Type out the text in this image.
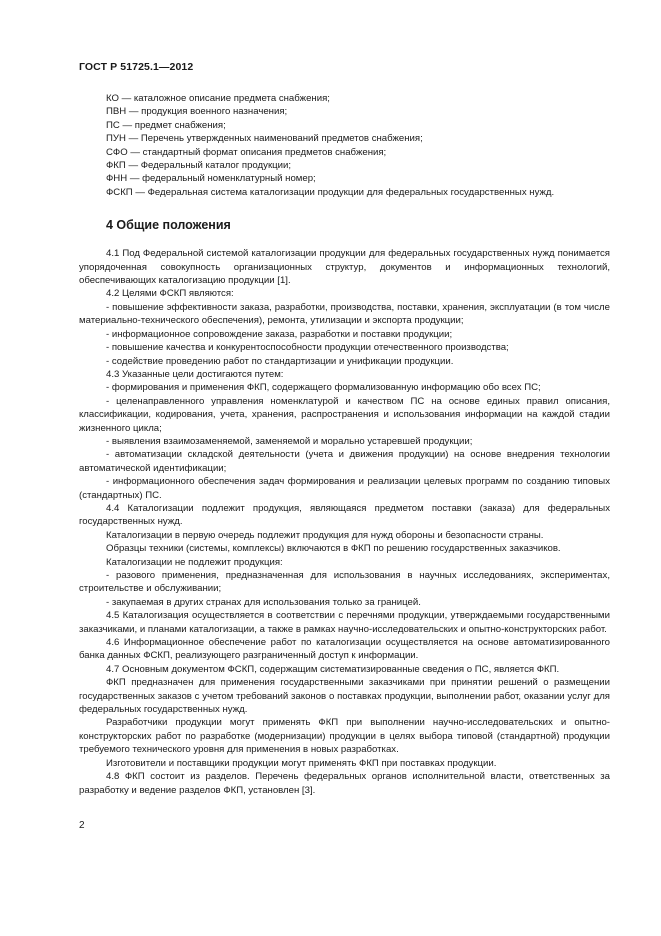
ГОСТ Р 51725.1—2012

КО — каталожное описание предмета снабжения;

ПВН — продукция военного назначения;

ПС — предмет снабжения;

ПУН — Перечень утвержденных наименований предметов снабжения;

СФО — стандартный формат описания предметов снабжения;

ФКП — Федеральный каталог продукции;

ФНН — федеральный номенклатурный номер;

ФСКП — Федеральная система каталогизации продукции для федеральных государственных нужд.

4 Общие положения

4.1 Под Федеральной системой каталогизации продукции для федеральных государственных нужд понимается упорядоченная совокупность организационных структур, документов и информационных технологий, обеспечивающих каталогизацию продукции [1].

4.2 Целями ФСКП являются:

- повышение эффективности заказа, разработки, производства, поставки, хранения, эксплуатации (в том числе материально-технического обеспечения), ремонта, утилизации и экспорта продукции;

- информационное сопровождение заказа, разработки и поставки продукции;

- повышение качества и конкурентоспособности продукции отечественного производства;

- содействие проведению работ по стандартизации и унификации продукции.

4.3 Указанные цели достигаются путем:

- формирования и применения ФКП, содержащего формализованную информацию обо всех ПС;

- целенаправленного управления номенклатурой и качеством ПС на основе единых правил описания, классификации, кодирования, учета, хранения, распространения и использования информации на каждой стадии жизненного цикла;

- выявления взаимозаменяемой, заменяемой и морально устаревшей продукции;

- автоматизации складской деятельности (учета и движения продукции) на основе внедрения технологии автоматической идентификации;

- информационного обеспечения задач формирования и реализации целевых программ по созданию типовых (стандартных) ПС.

4.4 Каталогизации подлежит продукция, являющаяся предметом поставки (заказа) для федеральных государственных нужд.

Каталогизации в первую очередь подлежит продукция для нужд обороны и безопасности страны.

Образцы техники (системы, комплексы) включаются в ФКП по решению государственных заказчиков.

Каталогизации не подлежит продукция:

- разового применения, предназначенная для использования в научных исследованиях, экспериментах, строительстве и обслуживании;

- закупаемая в других странах для использования только за границей.

4.5 Каталогизация осуществляется в соответствии с перечнями продукции, утверждаемыми государственными заказчиками, и планами каталогизации, а также в рамках научно-исследовательских и опытно-конструкторских работ.

4.6 Информационное обеспечение работ по каталогизации осуществляется на основе автоматизированного банка данных ФСКП, реализующего разграниченный доступ к информации.

4.7 Основным документом ФСКП, содержащим систематизированные сведения о ПС, является ФКП.

ФКП предназначен для применения государственными заказчиками при принятии решений о размещении государственных заказов с учетом требований законов о поставках продукции, выполнении работ, оказании услуг для федеральных государственных нужд.

Разработчики продукции могут применять ФКП при выполнении научно-исследовательских и опытно-конструкторских работ по разработке (модернизации) продукции в целях выбора типовой (стандартной) продукции требуемого технического уровня для применения в новых разработках.

Изготовители и поставщики продукции могут применять ФКП при поставках продукции.

4.8 ФКП состоит из разделов. Перечень федеральных органов исполнительной власти, ответственных за разработку и ведение разделов ФКП, установлен [3].

2
